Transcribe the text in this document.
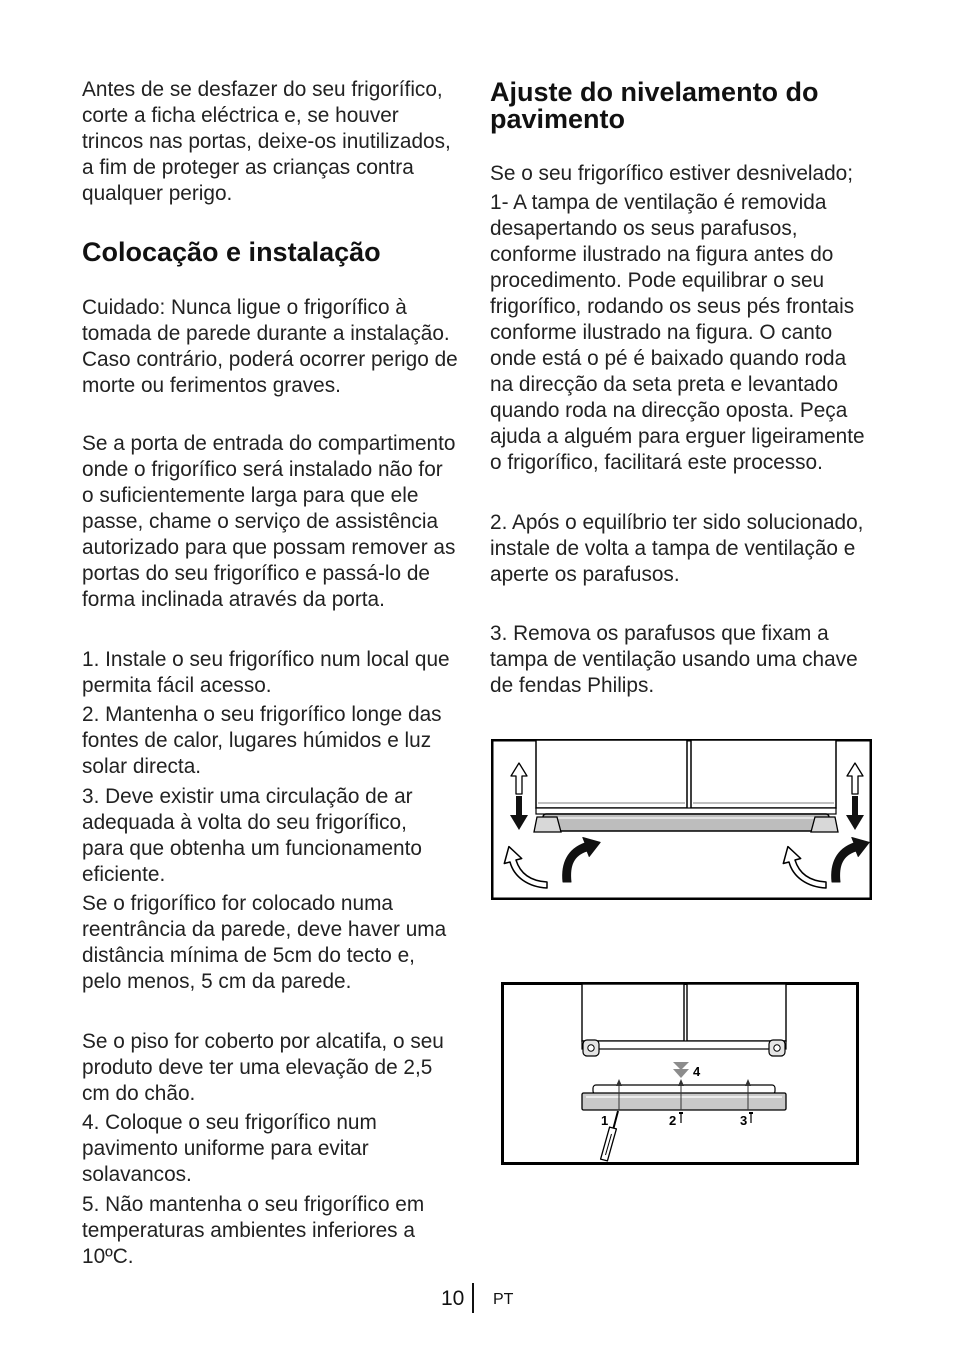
Antes de se desfazer do seu frigorífico,
corte a ficha eléctrica e, se houver
trincos nas portas, deixe-os inutilizados,
a fim de proteger as crianças contra
qualquer perigo.

Colocação e instalação

Cuidado: Nunca ligue o frigorífico à
tomada de parede durante a instalação.
Caso contrário, poderá ocorrer perigo de
morte ou ferimentos graves.

Se a porta de entrada do compartimento
onde o frigorífico será instalado não for
o suficientemente larga para que ele
passe, chame o serviço de assistência
autorizado para que possam remover as
portas do seu frigorífico e passá-lo de
forma inclinada através da porta.

1. Instale o seu frigorífico num local que
permita fácil acesso.

2. Mantenha o seu frigorífico longe das
fontes de calor, lugares húmidos e luz
solar directa.

3. Deve existir uma circulação de ar
adequada à volta do seu frigorífico,
para que obtenha um funcionamento
eficiente.

Se o frigorífico for colocado numa
reentrância da parede, deve haver uma
distância mínima de 5cm do tecto e,
pelo menos, 5 cm da parede.

Se o piso for coberto por alcatifa, o seu
produto deve ter uma elevação de 2,5
cm do chão.

4. Coloque o seu frigorífico num
pavimento uniforme para evitar
solavancos.

5. Não mantenha o seu frigorífico em
temperaturas ambientes inferiores a
10ºC.

Ajuste do nivelamento do
pavimento

Se o seu frigorífico estiver desnivelado;

1- A tampa de ventilação é removida
desapertando os seus parafusos,
conforme ilustrado na figura antes do
procedimento. Pode equilibrar o seu
frigorífico, rodando os seus pés frontais
conforme ilustrado na figura. O canto
onde está o pé é baixado quando roda
na direcção da seta preta e levantado
quando roda na direcção oposta. Peça
ajuda a alguém para erguer ligeiramente
o frigorífico, facilitará este processo.

2. Após o equilíbrio ter sido solucionado,
instale de volta a tampa de ventilação e
aperte os parafusos.

3. Remova os parafusos que fixam a
tampa de ventilação usando uma chave
de fendas Philips.

4
1	2	3
10 PT
